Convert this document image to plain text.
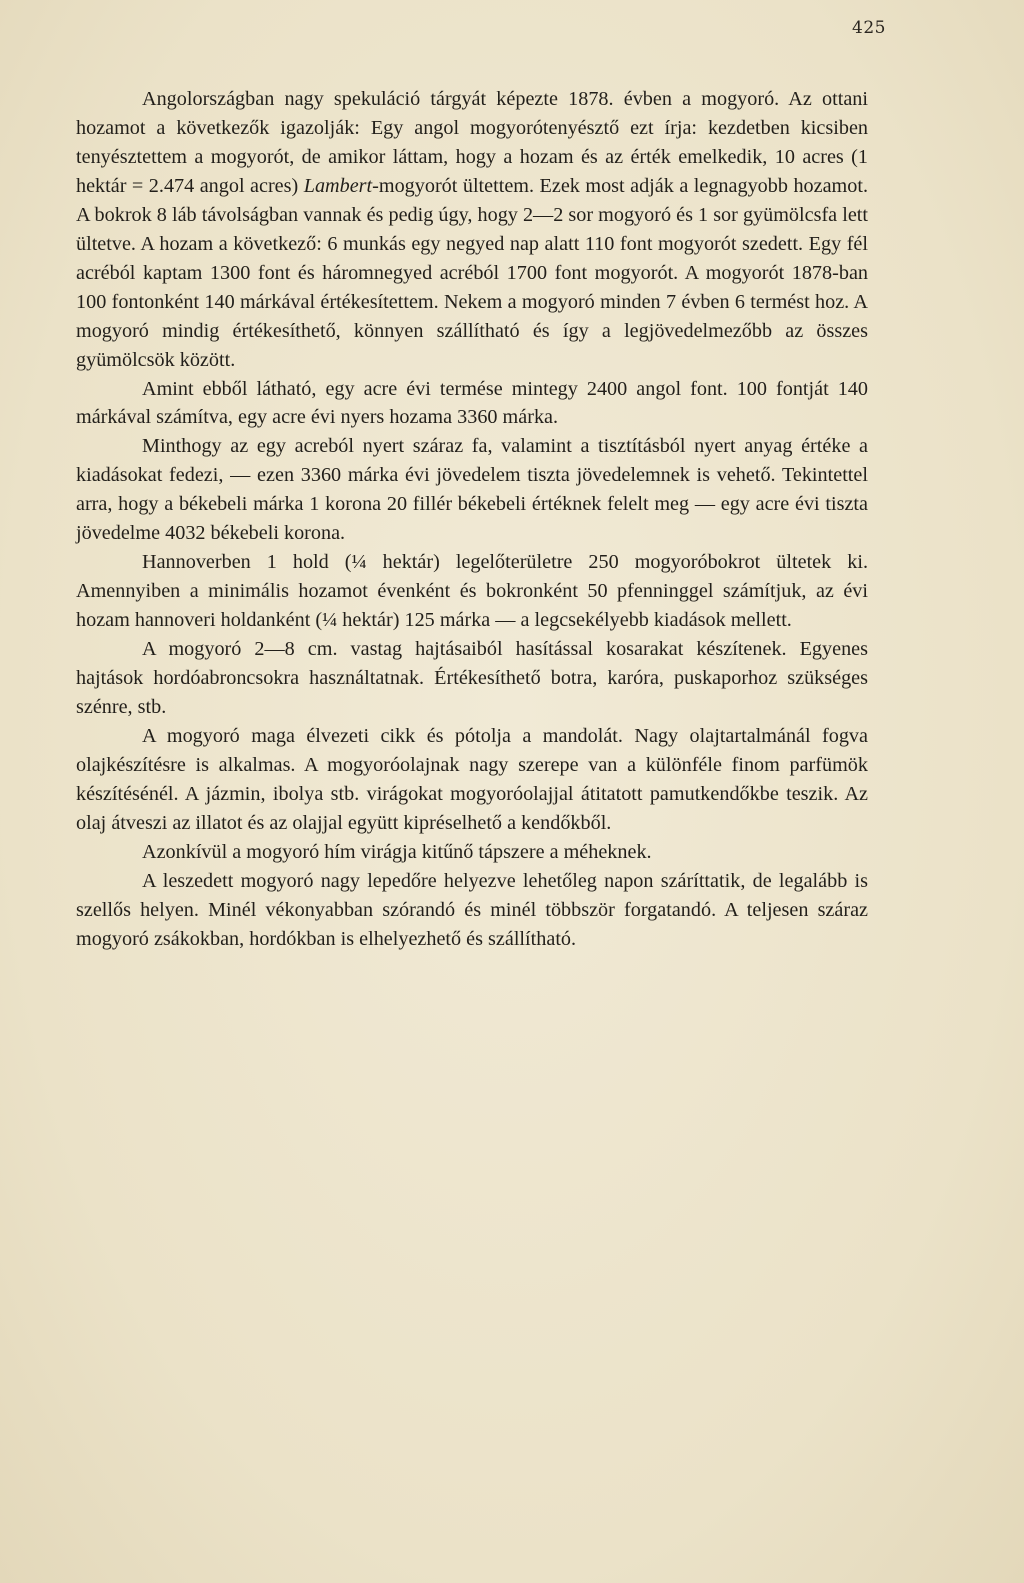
425

Angolországban nagy spekuláció tárgyát képezte 1878. évben a mogyoró. Az ottani hozamot a következők igazolják: Egy angol mogyorótenyésztő ezt írja: kezdetben kicsiben tenyésztettem a mogyorót, de amikor láttam, hogy a hozam és az érték emelkedik, 10 acres (1 hektár = 2.474 angol acres) Lambert-mogyorót ültettem. Ezek most adják a legnagyobb hozamot. A bokrok 8 láb távolságban vannak és pedig úgy, hogy 2—2 sor mogyoró és 1 sor gyümölcsfa lett ültetve. A hozam a következő: 6 munkás egy negyed nap alatt 110 font mogyorót szedett. Egy fél acréból kaptam 1300 font és háromnegyed acréból 1700 font mogyorót. A mogyorót 1878-ban 100 fontonként 140 márkával értékesítettem. Nekem a mogyoró minden 7 évben 6 termést hoz. A mogyoró mindig értékesíthető, könnyen szállítható és így a legjövedelmezőbb az összes gyümölcsök között.

Amint ebből látható, egy acre évi termése mintegy 2400 angol font. 100 fontját 140 márkával számítva, egy acre évi nyers hozama 3360 márka.

Minthogy az egy acreból nyert száraz fa, valamint a tisztításból nyert anyag értéke a kiadásokat fedezi, — ezen 3360 márka évi jövedelem tiszta jövedelemnek is vehető. Tekintettel arra, hogy a békebeli márka 1 korona 20 fillér békebeli értéknek felelt meg — egy acre évi tiszta jövedelme 4032 békebeli korona.

Hannoverben 1 hold (¼ hektár) legelőterületre 250 mogyoróbokrot ültetek ki. Amennyiben a minimális hozamot évenként és bokronként 50 pfenninggel számítjuk, az évi hozam hannoveri holdanként (¼ hektár) 125 márka — a legcsekélyebb kiadások mellett.

A mogyoró 2—8 cm. vastag hajtásaiból hasítással kosarakat készítenek. Egyenes hajtások hordóabroncsokra használtatnak. Értékesíthető botra, karóra, puskaporhoz szükséges szénre, stb.

A mogyoró maga élvezeti cikk és pótolja a mandolát. Nagy olajtartalmánál fogva olajkészítésre is alkalmas. A mogyoróolajnak nagy szerepe van a különféle finom parfümök készítésénél. A jázmin, ibolya stb. virágokat mogyoróolajjal átitatott pamutkendőkbe teszik. Az olaj átveszi az illatot és az olajjal együtt kipréselhető a kendőkből.

Azonkívül a mogyoró hím virágja kitűnő tápszere a méheknek.

A leszedett mogyoró nagy lepedőre helyezve lehetőleg napon száríttatik, de legalább is szellős helyen. Minél vékonyabban szórandó és minél többször forgatandó. A teljesen száraz mogyoró zsákokban, hordókban is elhelyezhető és szállítható.
